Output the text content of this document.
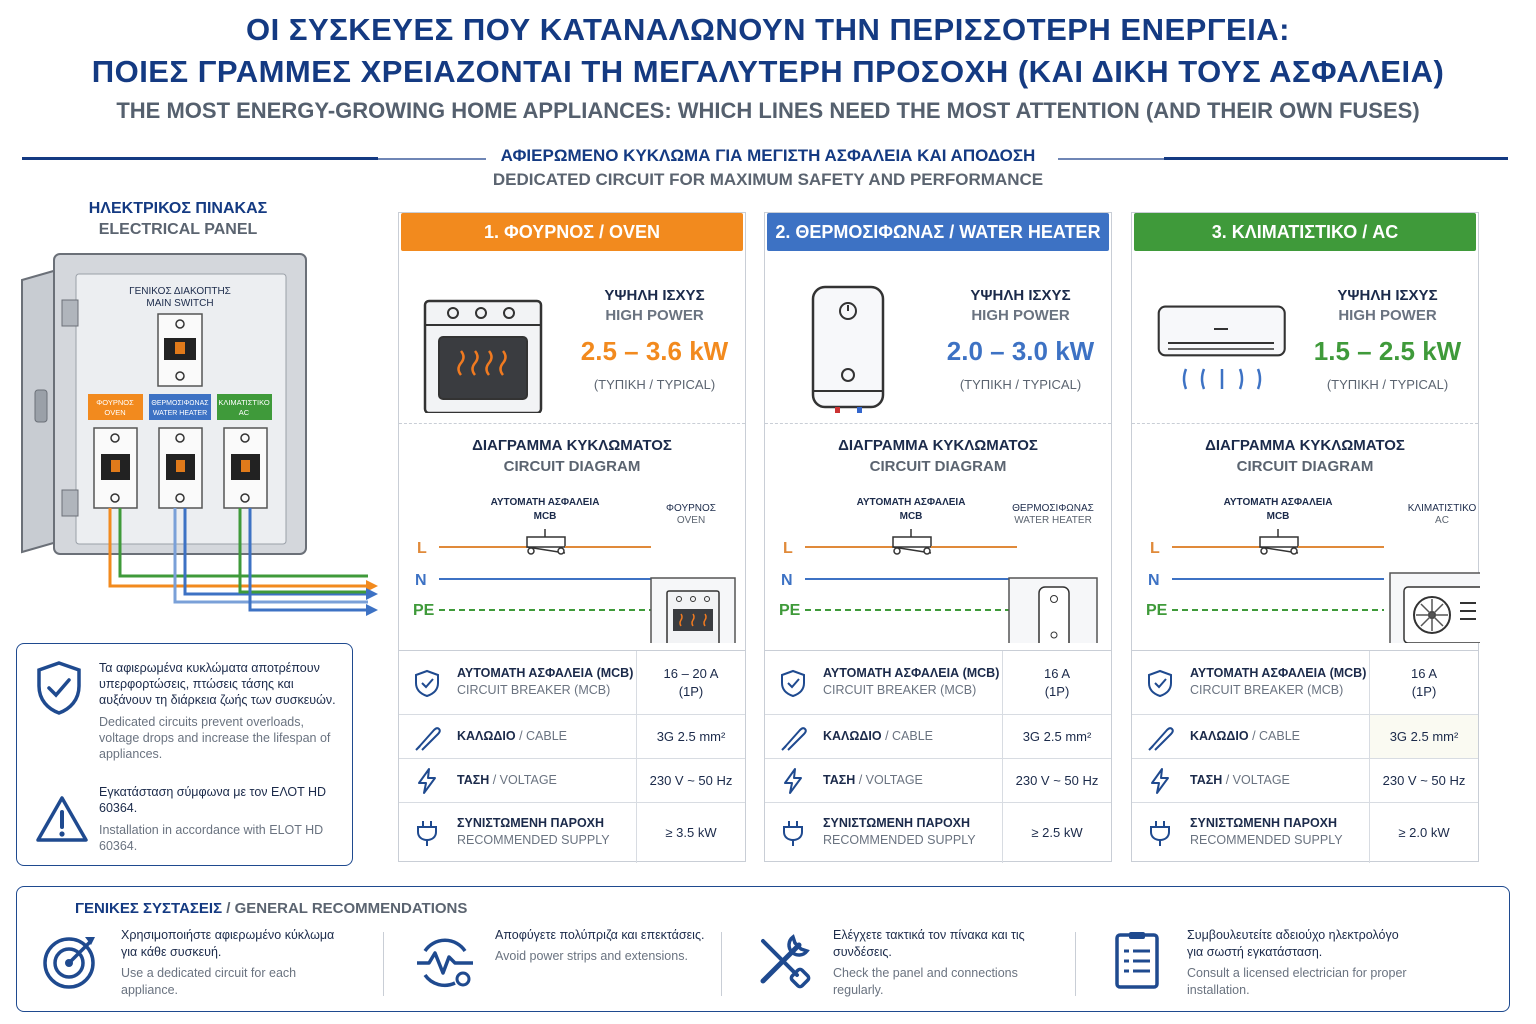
ΟΙ ΣΥΣΚΕΥΕΣ ΠΟΥ ΚΑΤΑΝΑΛΩΝΟΥΝ ΤΗΝ ΠΕΡΙΣΣΟΤΕΡΗ ΕΝΕΡΓΕΙΑ:
ΠΟΙΕΣ ΓΡΑΜΜΕΣ ΧΡΕΙΑΖΟΝΤΑΙ ΤΗ ΜΕΓΑΛΥΤΕΡΗ ΠΡΟΣΟΧΗ (ΚΑΙ ΔΙΚΗ ΤΟΥΣ ΑΣΦΑΛΕΙΑ)
THE MOST ENERGY-GROWING HOME APPLIANCES: WHICH LINES NEED THE MOST ATTENTION (AND THEIR OWN FUSES)
ΑΦΙΕΡΩΜΕΝΟ ΚΥΚΛΩΜΑ ΓΙΑ ΜΕΓΙΣΤΗ ΑΣΦΑΛΕΙΑ ΚΑΙ ΑΠΟΔΟΣΗ
DEDICATED CIRCUIT FOR MAXIMUM SAFETY AND PERFORMANCE
ΗΛΕΚΤΡΙΚΟΣ ΠΙΝΑΚΑΣ
ELECTRICAL PANEL
ΓΕΝΙΚΟΣ ΔΙΑΚΟΠΤΗΣ
MAIN SWITCH
ΦΟΥΡΝΟΣ
OVEN
ΘΕΡΜΟΣΙΦΩΝΑΣ
WATER HEATER
ΚΛΙΜΑΤΙΣΤΙΚΟ
AC
Τα αφιερωμένα κυκλώματα αποτρέπουν υπερφορτώσεις, πτώσεις τάσης και αυξάνουν τη διάρκεια ζωής των συσκευών.
Dedicated circuits prevent overloads, voltage drops and increase the lifespan of appliances.
Εγκατάσταση σύμφωνα με τον ΕΛΟΤ HD 60364.
Installation in accordance with ELOT HD 60364.
1. ΦΟΥΡΝΟΣ / OVEN
ΥΨΗΛΗ ΙΣΧΥΣ
HIGH POWER
2.5 – 3.6 kW
(ΤΥΠΙΚΗ / TYPICAL)
ΔΙΑΓΡΑΜΜΑ ΚΥΚΛΩΜΑΤΟΣ
CIRCUIT DIAGRAM
ΑΥΤΟΜΑΤΗ ΑΣΦΑΛΕΙΑ
MCB
ΦΟΥΡΝΟΣ
OVEN
L
N
PE
ΑΥΤΟΜΑΤΗ ΑΣΦΑΛΕΙΑ (MCB)
CIRCUIT BREAKER (MCB)
16 – 20 A
(1P)
ΚΑΛΩΔΙΟ / CABLE	3G 2.5 mm²
ΤΑΣΗ / VOLTAGE	230 V ~ 50 Hz
ΣΥΝΙΣΤΩΜΕΝΗ ΠΑΡΟΧΗ
RECOMMENDED SUPPLY	≥ 3.5 kW
2. ΘΕΡΜΟΣΙΦΩΝΑΣ / WATER HEATER
ΥΨΗΛΗ ΙΣΧΥΣ
HIGH POWER
2.0 – 3.0 kW
(ΤΥΠΙΚΗ / TYPICAL)
ΔΙΑΓΡΑΜΜΑ ΚΥΚΛΩΜΑΤΟΣ
CIRCUIT DIAGRAM
ΑΥΤΟΜΑΤΗ ΑΣΦΑΛΕΙΑ
MCB
ΘΕΡΜΟΣΙΦΩΝΑΣ
WATER HEATER
L
N
PE
ΑΥΤΟΜΑΤΗ ΑΣΦΑΛΕΙΑ (MCB)
CIRCUIT BREAKER (MCB)
16 A
(1P)
ΚΑΛΩΔΙΟ / CABLE	3G 2.5 mm²
ΤΑΣΗ / VOLTAGE	230 V ~ 50 Hz
ΣΥΝΙΣΤΩΜΕΝΗ ΠΑΡΟΧΗ
RECOMMENDED SUPPLY	≥ 2.5 kW
3. ΚΛΙΜΑΤΙΣΤΙΚΟ / AC
ΥΨΗΛΗ ΙΣΧΥΣ
HIGH POWER
1.5 – 2.5 kW
(ΤΥΠΙΚΗ / TYPICAL)
ΔΙΑΓΡΑΜΜΑ ΚΥΚΛΩΜΑΤΟΣ
CIRCUIT DIAGRAM
ΑΥΤΟΜΑΤΗ ΑΣΦΑΛΕΙΑ
MCB
ΚΛΙΜΑΤΙΣΤΙΚΟ
AC
L
N
PE
ΑΥΤΟΜΑΤΗ ΑΣΦΑΛΕΙΑ (MCB)
CIRCUIT BREAKER (MCB)
16 A
(1P)
ΚΑΛΩΔΙΟ / CABLE	3G 2.5 mm²
ΤΑΣΗ / VOLTAGE	230 V ~ 50 Hz
ΣΥΝΙΣΤΩΜΕΝΗ ΠΑΡΟΧΗ
RECOMMENDED SUPPLY	≥ 2.0 kW
ΓΕΝΙΚΕΣ ΣΥΣΤΑΣΕΙΣ / GENERAL RECOMMENDATIONS
Χρησιμοποιήστε αφιερωμένο κύκλωμα για κάθε συσκευή.
Use a dedicated circuit for each appliance.
Αποφύγετε πολύπριζα και επεκτάσεις.
Avoid power strips and extensions.
Ελέγχετε τακτικά τον πίνακα και τις συνδέσεις.
Check the panel and connections regularly.
Συμβουλευτείτε αδειούχο ηλεκτρολόγο για σωστή εγκατάσταση.
Consult a licensed electrician for proper installation.
